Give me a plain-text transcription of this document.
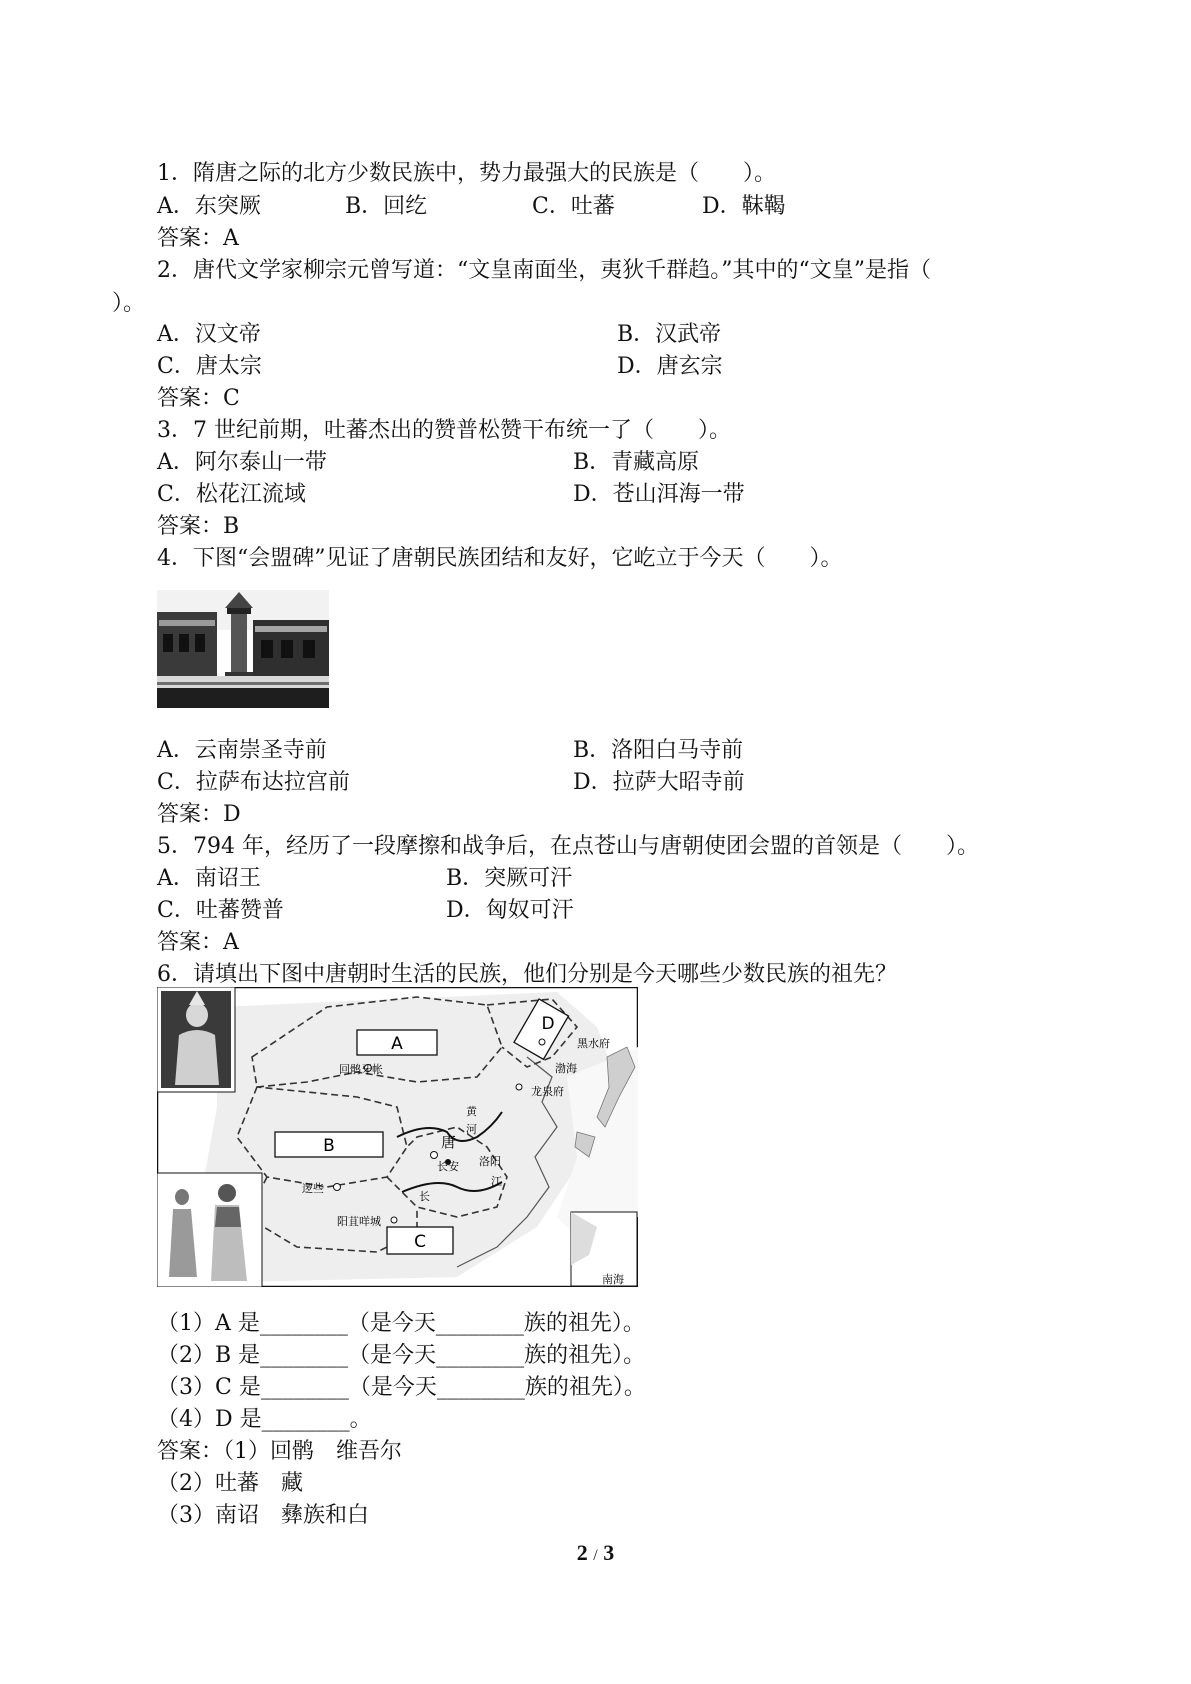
1．隋唐之际的北方少数民族中，势力最强大的民族是（　　）。
A．东突厥	B．回纥	C．吐蕃	D．靺鞨
答案：A
2．唐代文学家柳宗元曾写道：“文皇南面坐，夷狄千群趋。”其中的“文皇”是指（
）。
A．汉文帝	B．汉武帝
C．唐太宗	D．唐玄宗
答案：C
3．7 世纪前期，吐蕃杰出的赞普松赞干布统一了（　　）。
A．阿尔泰山一带	B．青藏高原
C．松花江流域	D．苍山洱海一带
答案：B
4．下图“会盟碑”见证了唐朝民族团结和友好，它屹立于今天（　　）。
A．云南崇圣寺前	B．洛阳白马寺前
C．拉萨布达拉宫前	D．拉萨大昭寺前
答案：D
5．794 年，经历了一段摩擦和战争后，在点苍山与唐朝使团会盟的首领是（　　）。
A．南诏王	B．突厥可汗
C．吐蕃赞普	D．匈奴可汗
答案：A
6．请填出下图中唐朝时生活的民族，他们分别是今天哪些少数民族的祖先？
A
B
C
D
回鹘牙帐
逻些
阳苴咩城
黑水府
渤海
龙泉府
唐
长安 洛阳
黄
河
长
江
南海
（1）A 是________（是今天________族的祖先）。
（2）B 是________（是今天________族的祖先）。
（3）C 是________（是今天________族的祖先）。
（4）D 是________。
答案：（1）回鹘　维吾尔
（2）吐蕃　藏
（3）南诏　彝族和白
2 / 3
